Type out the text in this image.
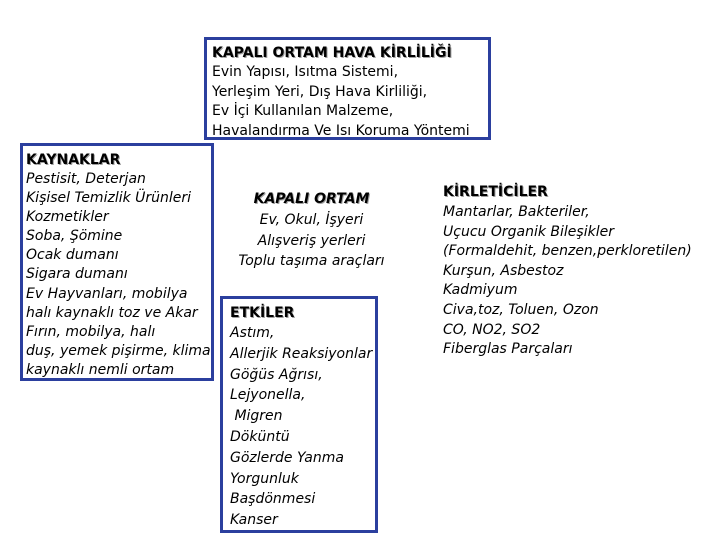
KAPALI ORTAM HAVA KİRLİLİĞİ
Evin Yapısı, Isıtma Sistemi,
Yerleşim Yeri, Dış Hava Kirliliği,
Ev İçi Kullanılan Malzeme,
Havalandırma Ve Isı Koruma Yöntemi
KAYNAKLAR
Pestisit, Deterjan
Kişisel Temizlik Ürünleri
Kozmetikler
Soba, Şömine
Ocak dumanı
Sigara dumanı
Ev Hayvanları, mobilya
halı kaynaklı toz ve Akar
Fırın, mobilya, halı
duş, yemek pişirme, klima
kaynaklı nemli ortam
KAPALI ORTAM
Ev, Okul, İşyeri
Alışveriş yerleri
Toplu taşıma araçları
ETKİLER
Astım,
Allerjik Reaksiyonlar
Göğüs Ağrısı,
Lejyonella,
Migren
Döküntü
Gözlerde Yanma
Yorgunluk
Başdönmesi
Kanser
KİRLETİCİLER
Mantarlar, Bakteriler,
Uçucu Organik Bileşikler
(Formaldehit, benzen,perkloretilen)
Kurşun, Asbestoz
Kadmiyum
Civa,toz, Toluen, Ozon
CO, NO2, SO2
Fiberglas Parçaları
